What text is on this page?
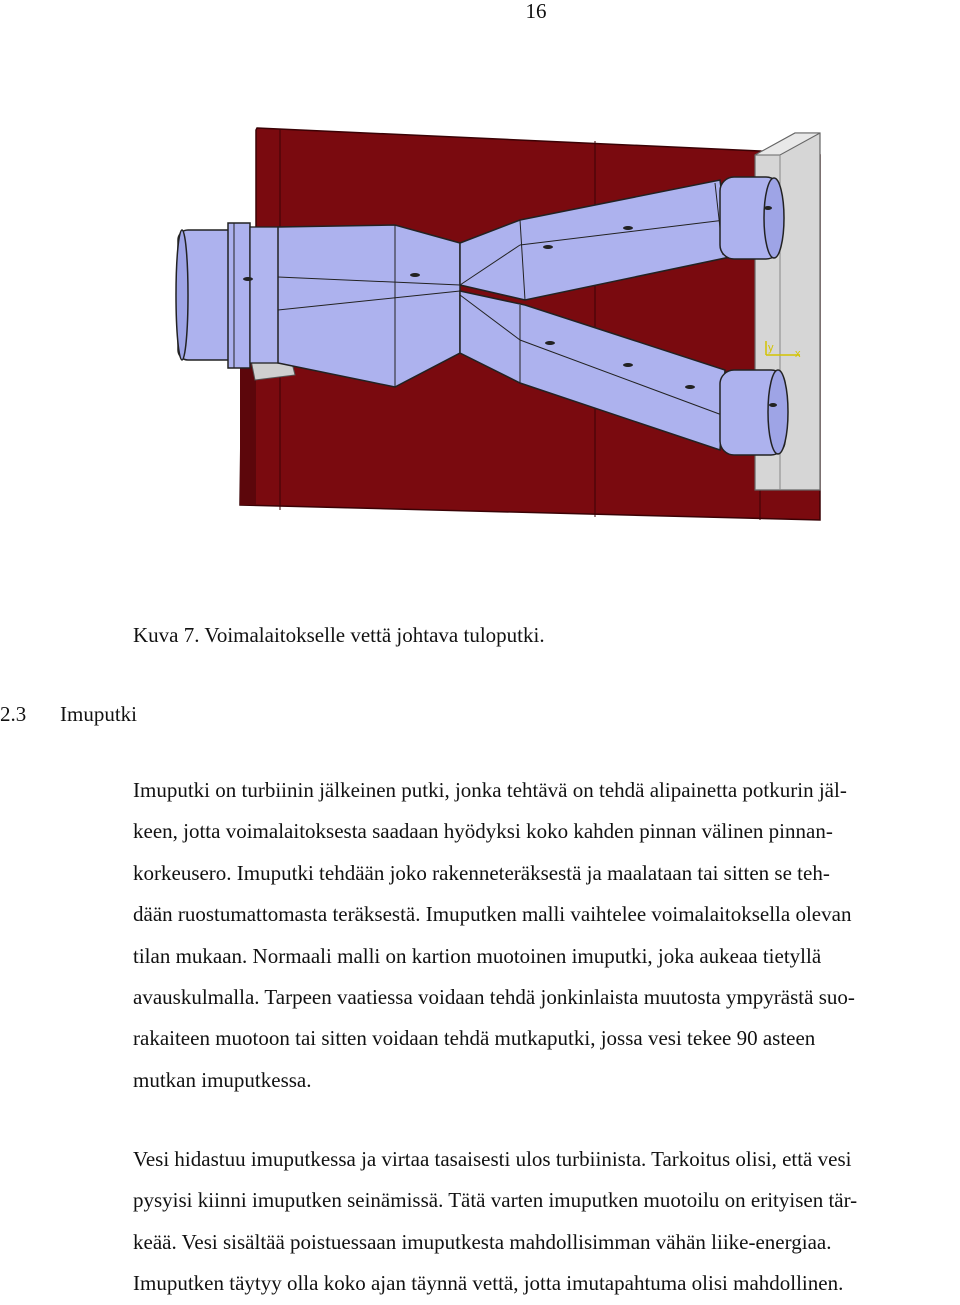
16
y x
Kuva 7. Voimalaitokselle vettä johtava tuloputki.
2.3 Imuputki
Imuputki on turbiinin jälkeinen putki, jonka tehtävä on tehdä alipainetta potkurin jäl-
keen, jotta voimalaitoksesta saadaan hyödyksi koko kahden pinnan välinen pinnan-
korkeusero. Imuputki tehdään joko rakenneteräksestä ja maalataan tai sitten se teh-
dään ruostumattomasta teräksestä. Imuputken malli vaihtelee voimalaitoksella olevan
tilan mukaan. Normaali malli on kartion muotoinen imuputki, joka aukeaa tietyllä
avauskulmalla. Tarpeen vaatiessa voidaan tehdä jonkinlaista muutosta ympyrästä suo-
rakaiteen muotoon tai sitten voidaan tehdä mutkaputki, jossa vesi tekee 90 asteen
mutkan imuputkessa.
Vesi hidastuu imuputkessa ja virtaa tasaisesti ulos turbiinista. Tarkoitus olisi, että vesi
pysyisi kiinni imuputken seinämissä. Tätä varten imuputken muotoilu on erityisen tär-
keää. Vesi sisältää poistuessaan imuputkesta mahdollisimman vähän liike-energiaa.
Imuputken täytyy olla koko ajan täynnä vettä, jotta imutapahtuma olisi mahdollinen.
